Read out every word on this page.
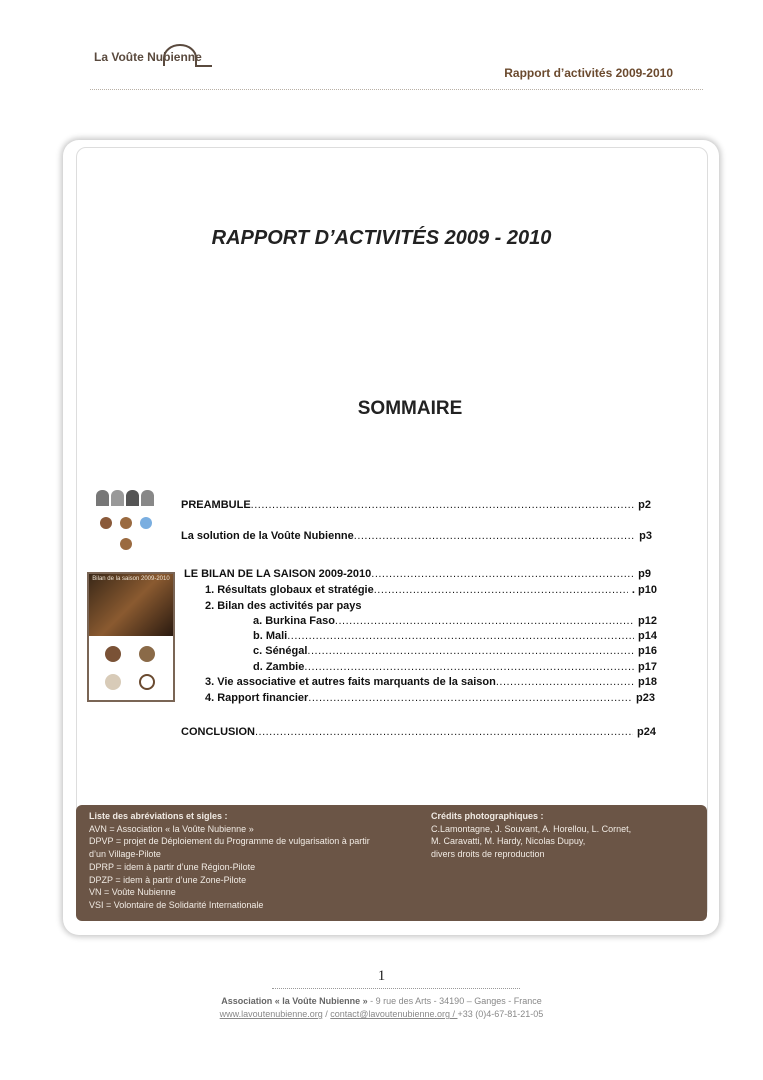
La Voûte Nubienne
Rapport d’activités 2009-2010
RAPPORT D’ACTIVITÉS 2009 - 2010
SOMMAIRE
Bilan de la saison 2009-2010
PREAMBULE .....	p2
La solution de la Voûte Nubienne .....	p3
LE BILAN DE LA SAISON 2009-2010 .....	p9
1. Résultats globaux et stratégie .....	. p10
2. Bilan des activités par pays
a. Burkina Faso .....	p12
b. Mali .....	p14
c. Sénégal .....	p16
d. Zambie .....	p17
3. Vie associative et autres faits marquants de la saison .....	p18
4. Rapport financier .....	p23
CONCLUSION .....	p24
Liste des abréviations et sigles :
AVN = Association « la Voûte Nubienne »
DPVP = projet de Déploiement du Programme de vulgarisation à partir
d’un Village-Pilote
DPRP = idem à partir d’une Région-Pilote
DPZP = idem à partir d’une Zone-Pilote
VN = Voûte Nubienne
VSI = Volontaire de Solidarité Internationale
Crédits photographiques :
C.Lamontagne, J. Souvant, A. Horellou, L. Cornet,
M. Caravatti, M. Hardy, Nicolas Dupuy,
divers droits de reproduction
1
Association « la Voûte Nubienne » - 9 rue des Arts - 34190 – Ganges - France
www.lavoutenubienne.org / contact@lavoutenubienne.org / +33 (0)4-67-81-21-05
